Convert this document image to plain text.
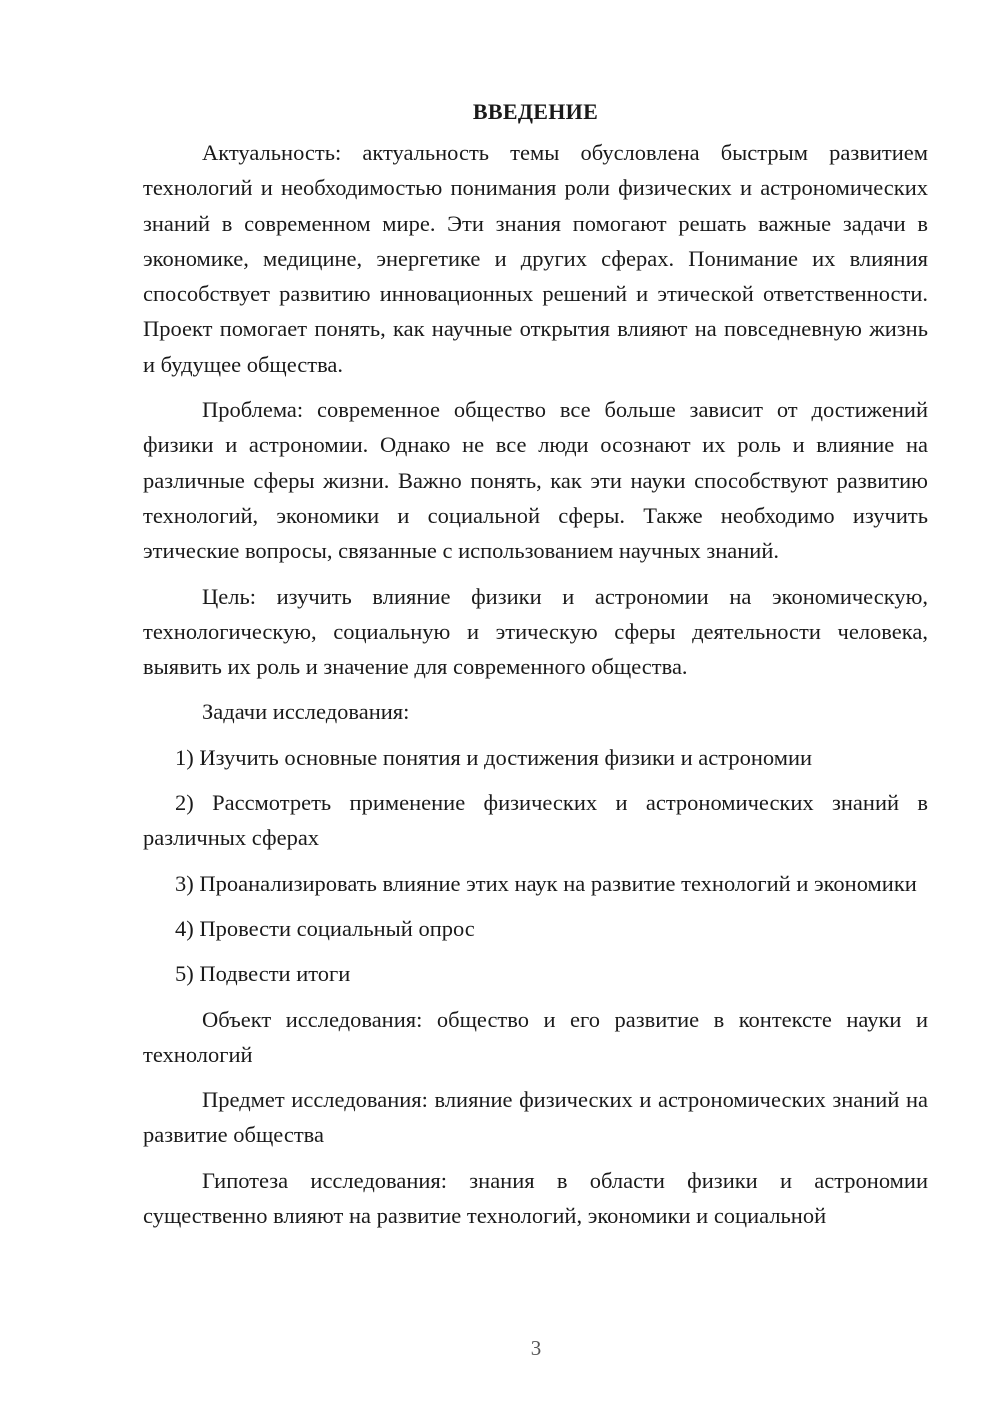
ВВЕДЕНИЕ

Актуальность: актуальность темы обусловлена быстрым развитием технологий и необходимостью понимания роли физических и астрономических знаний в современном мире. Эти знания помогают решать важные задачи в экономике, медицине, энергетике и других сферах. Понимание их влияния способствует развитию инновационных решений и этической ответственности. Проект помогает понять, как научные открытия влияют на повседневную жизнь и будущее общества.

Проблема: современное общество все больше зависит от достижений физики и астрономии. Однако не все люди осознают их роль и влияние на различные сферы жизни. Важно понять, как эти науки способствуют развитию технологий, экономики и социальной сферы. Также необходимо изучить этические вопросы, связанные с использованием научных знаний.

Цель: изучить влияние физики и астрономии на экономическую, технологическую, социальную и этическую сферы деятельности человека, выявить их роль и значение для современного общества.

Задачи исследования:

1) Изучить основные понятия и достижения физики и астрономии

2) Рассмотреть применение физических и астрономических знаний в различных сферах

3) Проанализировать влияние этих наук на развитие технологий и экономики

4) Провести социальный опрос

5) Подвести итоги

Объект исследования: общество и его развитие в контексте науки и технологий

Предмет исследования: влияние физических и астрономических знаний на развитие общества

Гипотеза исследования: знания в области физики и астрономии существенно влияют на развитие технологий, экономики и социальной

3
